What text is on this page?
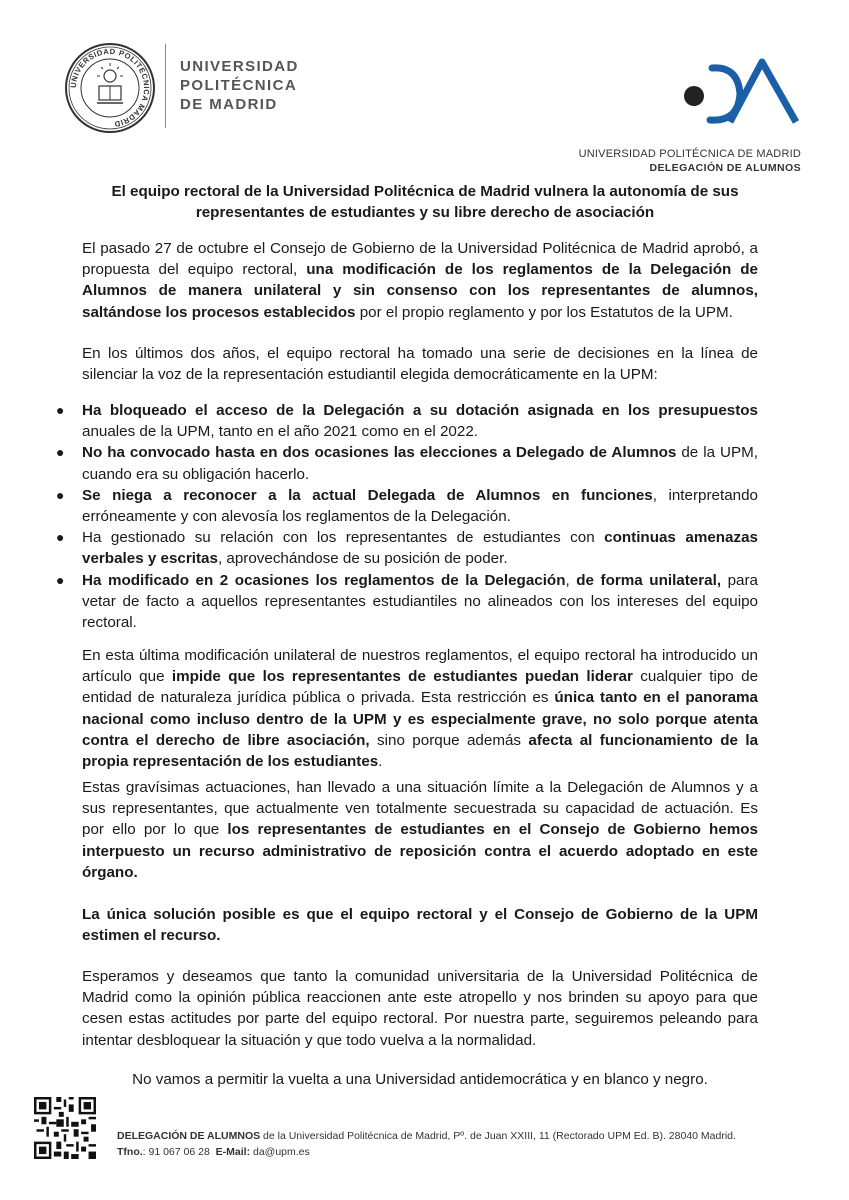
UNIVERSIDAD POLITÉCNICA MADRID
UNIVERSIDAD
POLITÉCNICA
DE MADRID
UNIVERSIDAD POLITÉCNICA DE MADRID
DELEGACIÓN DE ALUMNOS
El equipo rectoral de la Universidad Politécnica de Madrid vulnera la autonomía de sus
representantes de estudiantes y su libre derecho de asociación
El pasado 27 de octubre el Consejo de Gobierno de la Universidad Politécnica de Madrid aprobó, a propuesta del equipo rectoral, una modificación de los reglamentos de la Delegación de Alumnos de manera unilateral y sin consenso con los representantes de alumnos, saltándose los procesos establecidos por el propio reglamento y por los Estatutos de la UPM.
En los últimos dos años, el equipo rectoral ha tomado una serie de decisiones en la línea de silenciar la voz de la representación estudiantil elegida democráticamente en la UPM:
● Ha bloqueado el acceso de la Delegación a su dotación asignada en los presupuestos anuales de la UPM, tanto en el año 2021 como en el 2022.
● No ha convocado hasta en dos ocasiones las elecciones a Delegado de Alumnos de la UPM, cuando era su obligación hacerlo.
● Se niega a reconocer a la actual Delegada de Alumnos en funciones, interpretando erróneamente y con alevosía los reglamentos de la Delegación.
● Ha gestionado su relación con los representantes de estudiantes con continuas amenazas verbales y escritas, aprovechándose de su posición de poder.
● Ha modificado en 2 ocasiones los reglamentos de la Delegación, de forma unilateral, para vetar de facto a aquellos representantes estudiantiles no alineados con los intereses del equipo rectoral.
En esta última modificación unilateral de nuestros reglamentos, el equipo rectoral ha introducido un artículo que impide que los representantes de estudiantes puedan liderar cualquier tipo de entidad de naturaleza jurídica pública o privada. Esta restricción es única tanto en el panorama nacional como incluso dentro de la UPM y es especialmente grave, no solo porque atenta contra el derecho de libre asociación, sino porque además afecta al funcionamiento de la propia representación de los estudiantes.
Estas gravísimas actuaciones, han llevado a una situación límite a la Delegación de Alumnos y a sus representantes, que actualmente ven totalmente secuestrada su capacidad de actuación. Es por ello por lo que los representantes de estudiantes en el Consejo de Gobierno hemos interpuesto un recurso administrativo de reposición contra el acuerdo adoptado en este órgano.
La única solución posible es que el equipo rectoral y el Consejo de Gobierno de la UPM estimen el recurso.
Esperamos y deseamos que tanto la comunidad universitaria de la Universidad Politécnica de Madrid como la opinión pública reaccionen ante este atropello y nos brinden su apoyo para que cesen estas actitudes por parte del equipo rectoral. Por nuestra parte, seguiremos peleando para intentar desbloquear la situación y que todo vuelva a la normalidad.
No vamos a permitir la vuelta a una Universidad antidemocrática y en blanco y negro.
DELEGACIÓN DE ALUMNOS de la Universidad Politécnica de Madrid, Pº. de Juan XXIII, 11 (Rectorado UPM Ed. B). 28040 Madrid.
Tfno.: 91 067 06 28 E-Mail: da@upm.es
